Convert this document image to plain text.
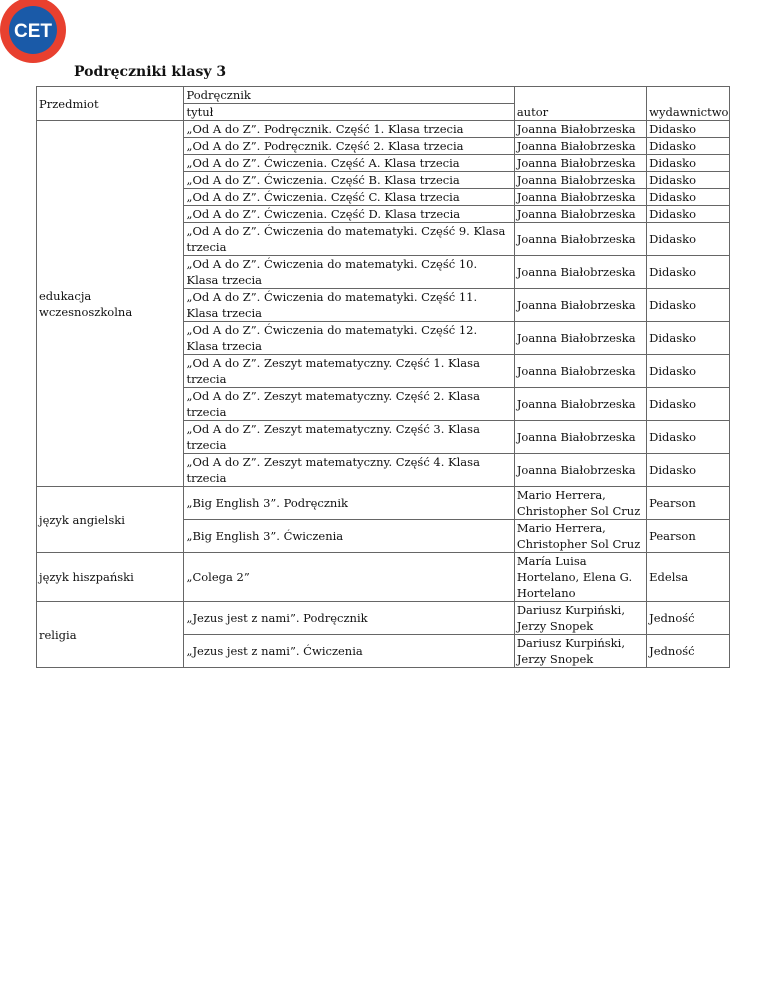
CET
Podręczniki klasy 3
Przedmiot	Podręcznik		
	tytuł	autor	wydawnictwo
edukacja wczesnoszkolna	„Od A do Z”. Podręcznik. Część 1. Klasa trzecia	Joanna Białobrzeska	Didasko
	„Od A do Z”. Podręcznik. Część 2. Klasa trzecia	Joanna Białobrzeska	Didasko
	„Od A do Z”. Ćwiczenia. Część A. Klasa trzecia	Joanna Białobrzeska	Didasko
	„Od A do Z”. Ćwiczenia. Część B. Klasa trzecia	Joanna Białobrzeska	Didasko
	„Od A do Z”. Ćwiczenia. Część C. Klasa trzecia	Joanna Białobrzeska	Didasko
	„Od A do Z”. Ćwiczenia. Część D. Klasa trzecia	Joanna Białobrzeska	Didasko
	„Od A do Z”. Ćwiczenia do matematyki. Część 9. Klasa trzecia	Joanna Białobrzeska	Didasko
	„Od A do Z”. Ćwiczenia do matematyki. Część 10. Klasa trzecia	Joanna Białobrzeska	Didasko
	„Od A do Z”. Ćwiczenia do matematyki. Część 11. Klasa trzecia	Joanna Białobrzeska	Didasko
	„Od A do Z”. Ćwiczenia do matematyki. Część 12. Klasa trzecia	Joanna Białobrzeska	Didasko
	„Od A do Z”. Zeszyt matematyczny. Część 1. Klasa trzecia	Joanna Białobrzeska	Didasko
	„Od A do Z”. Zeszyt matematyczny. Część 2. Klasa trzecia	Joanna Białobrzeska	Didasko
	„Od A do Z”. Zeszyt matematyczny. Część 3. Klasa trzecia	Joanna Białobrzeska	Didasko
	„Od A do Z”. Zeszyt matematyczny. Część 4. Klasa trzecia	Joanna Białobrzeska	Didasko
język angielski	„Big English 3”. Podręcznik	Mario Herrera, Christopher Sol Cruz	Pearson
	„Big English 3”. Ćwiczenia	Mario Herrera, Christopher Sol Cruz	Pearson
język hiszpański	„Colega 2”	María Luisa Hortelano, Elena G. Hortelano	Edelsa
religia	„Jezus jest z nami”. Podręcznik	Dariusz Kurpiński, Jerzy Snopek	Jedność
	„Jezus jest z nami”. Ćwiczenia	Dariusz Kurpiński, Jerzy Snopek	Jedność
